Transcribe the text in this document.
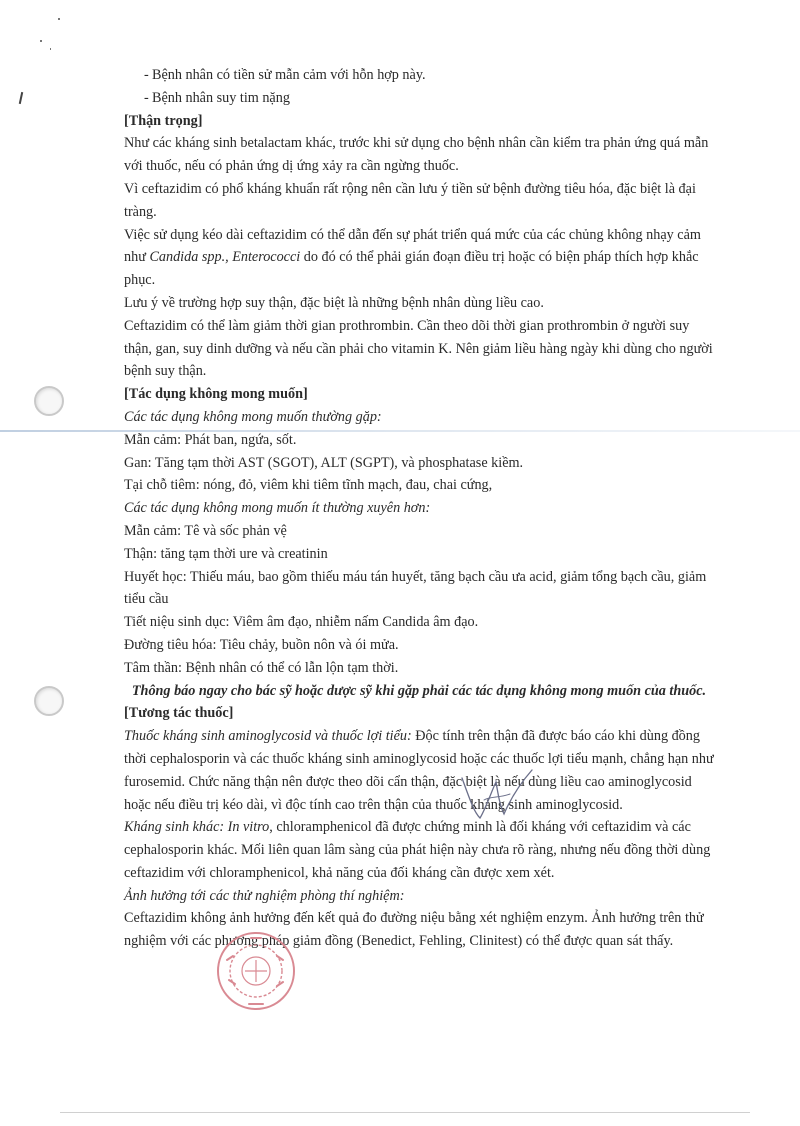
- Bệnh nhân có tiền sử mẫn cảm với hỗn hợp này.

- Bệnh nhân suy tim nặng

[Thận trọng]

Như các kháng sinh betalactam khác, trước khi sử dụng cho bệnh nhân cần kiểm tra phản ứng quá mẫn với thuốc, nếu có phản ứng dị ứng xảy ra cần ngừng thuốc.

Vì ceftazidim có phổ kháng khuẩn rất rộng nên cần lưu ý tiền sử bệnh đường tiêu hóa, đặc biệt là đại tràng.

Việc sử dụng kéo dài ceftazidim có thể dẫn đến sự phát triển quá mức của các chủng không nhạy cảm như Candida spp., Enterococci do đó có thể phải gián đoạn điều trị hoặc có biện pháp thích hợp khắc phục.

Lưu ý về trường hợp suy thận, đặc biệt là những bệnh nhân dùng liều cao.

Ceftazidim có thể làm giảm thời gian prothrombin. Cần theo dõi thời gian prothrombin ở người suy thận, gan, suy dinh dưỡng và nếu cần phải cho vitamin K. Nên giảm liều hàng ngày khi dùng cho người bệnh suy thận.

[Tác dụng không mong muốn]

Các tác dụng không mong muốn thường gặp:

Mẫn cảm: Phát ban, ngứa, sốt.

Gan: Tăng tạm thời AST (SGOT), ALT (SGPT), và phosphatase kiềm.

Tại chỗ tiêm: nóng, đỏ, viêm khi tiêm tĩnh mạch, đau, chai cứng,

Các tác dụng không mong muốn ít thường xuyên hơn:

Mẫn cảm: Tê và sốc phản vệ

Thận: tăng tạm thời ure và creatinin

Huyết học: Thiếu máu, bao gồm thiếu máu tán huyết, tăng bạch cầu ưa acid, giảm tổng bạch cầu, giảm tiểu cầu

Tiết niệu sinh dục: Viêm âm đạo, nhiễm nấm Candida âm đạo.

Đường tiêu hóa: Tiêu chảy, buồn nôn và ói mửa.

Tâm thần: Bệnh nhân có thể có lẫn lộn tạm thời.

Thông báo ngay cho bác sỹ hoặc dược sỹ khi gặp phải các tác dụng không mong muốn của thuốc.

[Tương tác thuốc]

Thuốc kháng sinh aminoglycosid và thuốc lợi tiểu: Độc tính trên thận đã được báo cáo khi dùng đồng thời cephalosporin và các thuốc kháng sinh aminoglycosid hoặc các thuốc lợi tiểu mạnh, chẳng hạn như furosemid. Chức năng thận nên được theo dõi cẩn thận, đặc biệt là nếu dùng liều cao aminoglycosid hoặc nếu điều trị kéo dài, vì độc tính cao trên thận của thuốc kháng sinh aminoglycosid.

Kháng sinh khác: In vitro, chloramphenicol đã được chứng minh là đối kháng với ceftazidim và các cephalosporin khác. Mối liên quan lâm sàng của phát hiện này chưa rõ ràng, nhưng nếu đồng thời dùng ceftazidim với chloramphenicol, khả năng của đối kháng cần được xem xét.

Ảnh hưởng tới các thử nghiệm phòng thí nghiệm:

Ceftazidim không ảnh hưởng đến kết quả đo đường niệu bằng xét nghiệm enzym. Ảnh hưởng trên thử nghiệm với các phương pháp giảm đồng (Benedict, Fehling, Clinitest) có thể được quan sát thấy.
